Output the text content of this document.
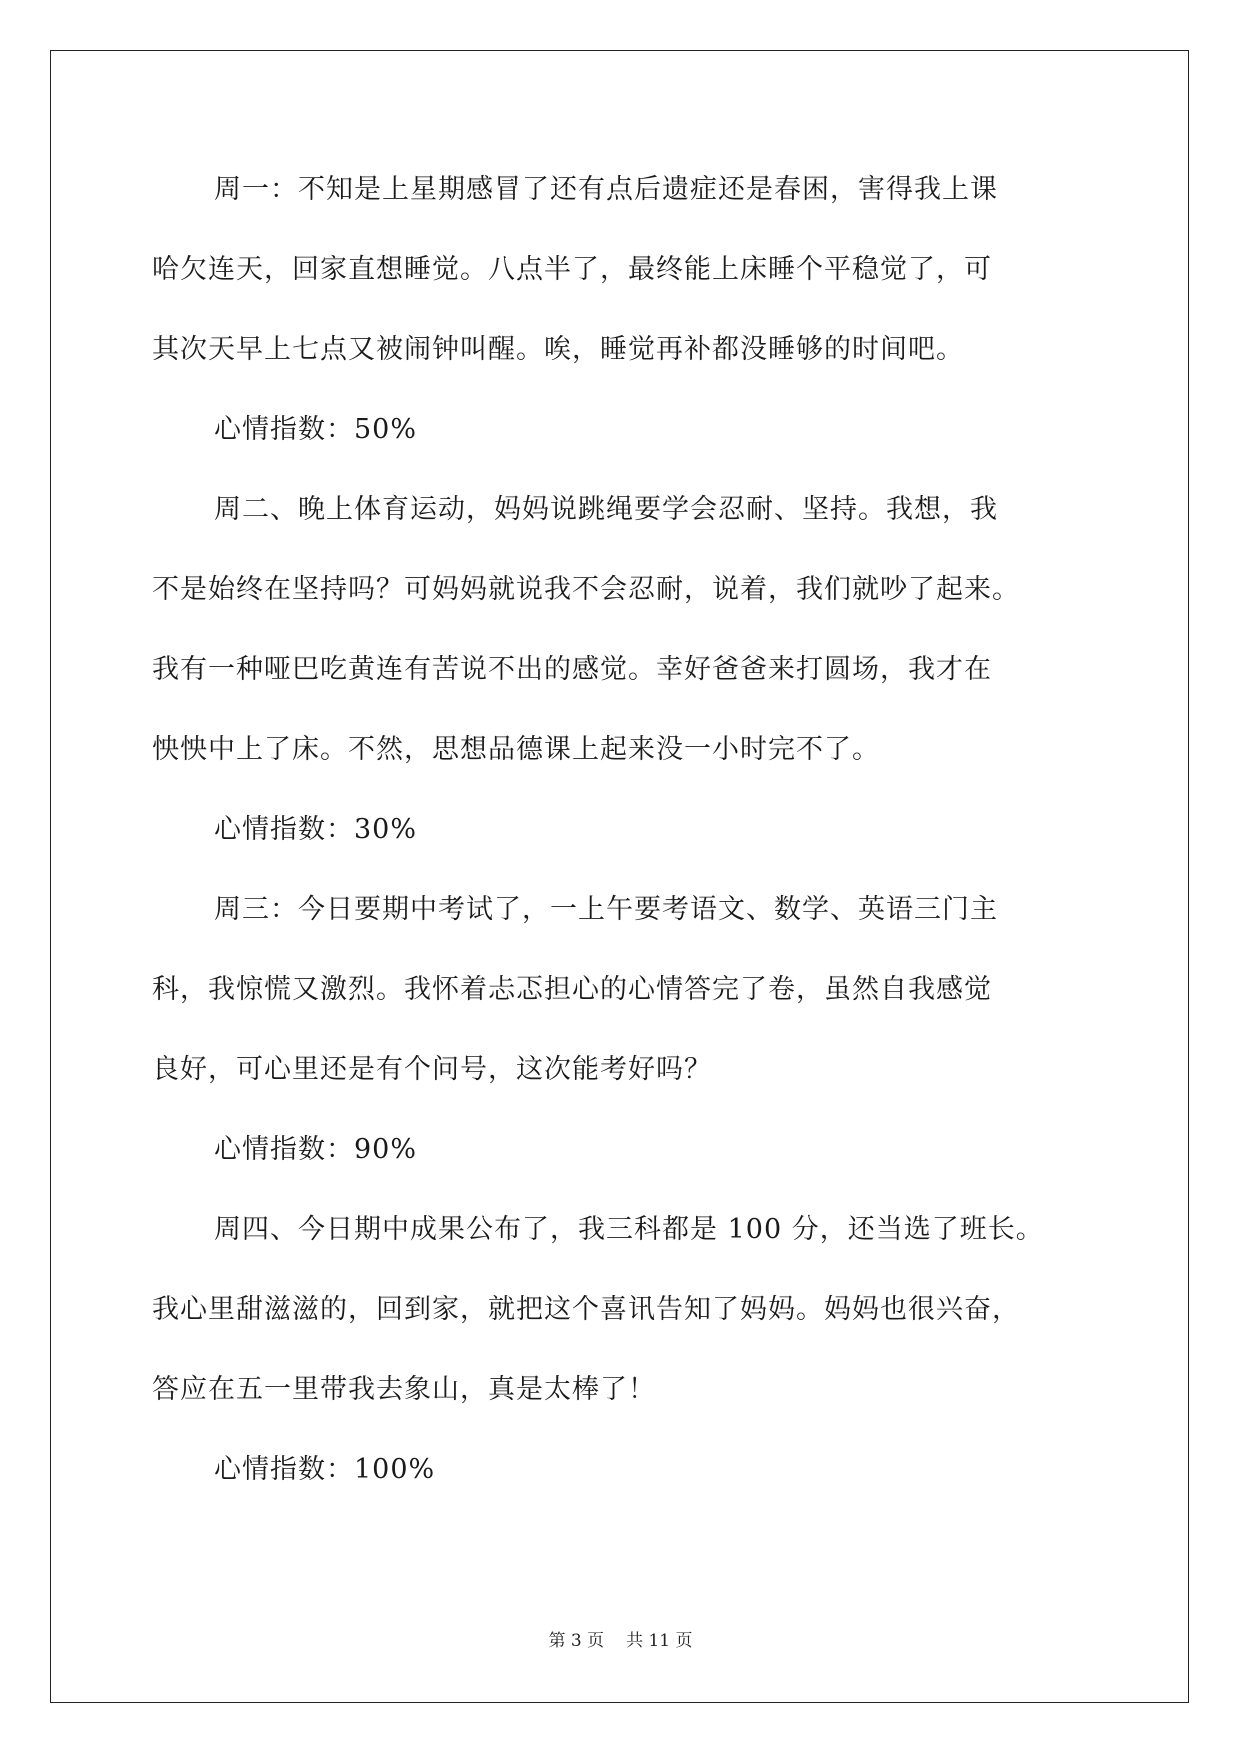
周一：不知是上星期感冒了还有点后遗症还是春困，害得我上课
哈欠连天，回家直想睡觉。八点半了，最终能上床睡个平稳觉了，可
其次天早上七点又被闹钟叫醒。唉，睡觉再补都没睡够的时间吧。
心情指数：50%
周二、晚上体育运动，妈妈说跳绳要学会忍耐、坚持。我想，我
不是始终在坚持吗？可妈妈就说我不会忍耐，说着，我们就吵了起来。
我有一种哑巴吃黄连有苦说不出的感觉。幸好爸爸来打圆场，我才在
怏怏中上了床。不然，思想品德课上起来没一小时完不了。
心情指数：30%
周三：今日要期中考试了，一上午要考语文、数学、英语三门主
科，我惊慌又激烈。我怀着忐忑担心的心情答完了卷，虽然自我感觉
良好，可心里还是有个问号，这次能考好吗？
心情指数：90%
周四、今日期中成果公布了，我三科都是 100 分，还当选了班长。
我心里甜滋滋的，回到家，就把这个喜讯告知了妈妈。妈妈也很兴奋，
答应在五一里带我去象山，真是太棒了！
心情指数：100%
第 3 页 共 11 页
